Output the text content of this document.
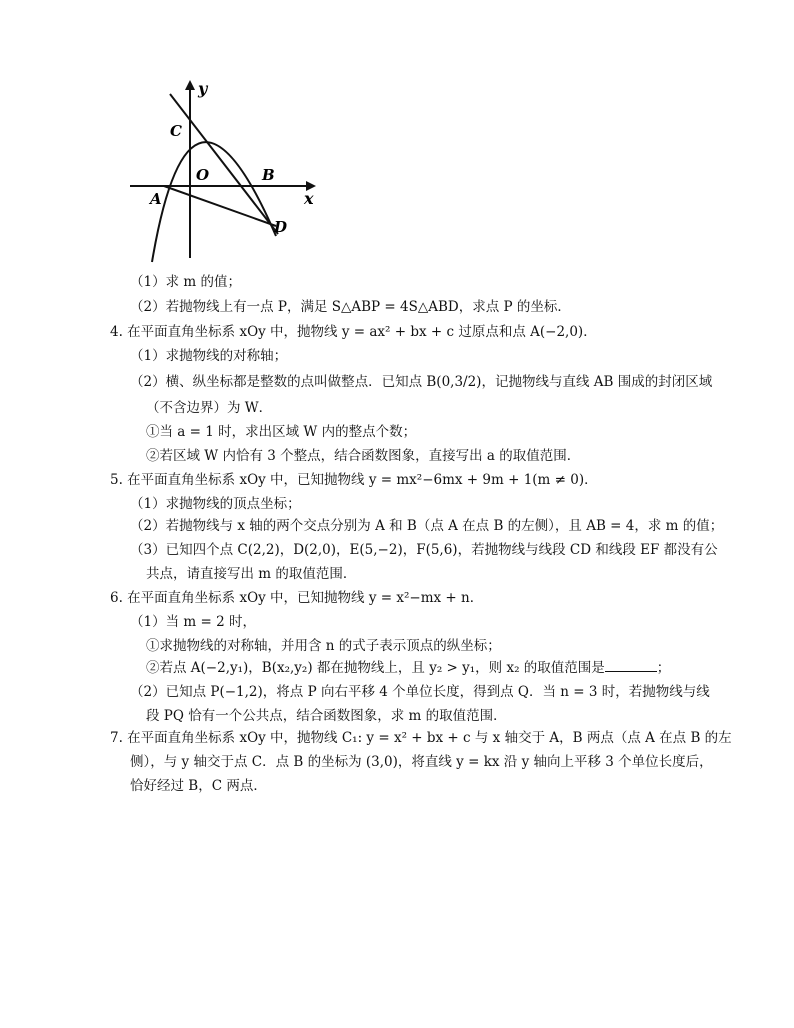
y
x
C
O	B
A
D
（1）求 m 的值；
（2）若抛物线上有一点 P，满足 S△ABP = 4S△ABD，求点 P 的坐标．
4. 在平面直角坐标系 xOy 中，抛物线 y = ax² + bx + c 过原点和点 A(−2,0)．
（1）求抛物线的对称轴；
（2）横、纵坐标都是整数的点叫做整点．已知点 B(0,3/2)，记抛物线与直线 AB 围成的封闭区域
（不含边界）为 W．
①当 a = 1 时，求出区域 W 内的整点个数；
②若区域 W 内恰有 3 个整点，结合函数图象，直接写出 a 的取值范围．
5. 在平面直角坐标系 xOy 中，已知抛物线 y = mx²−6mx + 9m + 1(m ≠ 0)．
（1）求抛物线的顶点坐标；
（2）若抛物线与 x 轴的两个交点分别为 A 和 B（点 A 在点 B 的左侧），且 AB = 4，求 m 的值；
（3）已知四个点 C(2,2)，D(2,0)，E(5,−2)，F(5,6)，若抛物线与线段 CD 和线段 EF 都没有公
共点，请直接写出 m 的取值范围．
6. 在平面直角坐标系 xOy 中，已知抛物线 y = x²−mx + n．
（1）当 m = 2 时，
①求抛物线的对称轴，并用含 n 的式子表示顶点的纵坐标；
②若点 A(−2,y₁)，B(x₂,y₂) 都在抛物线上，且 y₂ > y₁，则 x₂ 的取值范围是	；
（2）已知点 P(−1,2)，将点 P 向右平移 4 个单位长度，得到点 Q．当 n = 3 时，若抛物线与线
段 PQ 恰有一个公共点，结合函数图象，求 m 的取值范围．
7. 在平面直角坐标系 xOy 中，抛物线 C₁: y = x² + bx + c 与 x 轴交于 A，B 两点（点 A 在点 B 的左
侧），与 y 轴交于点 C．点 B 的坐标为 (3,0)，将直线 y = kx 沿 y 轴向上平移 3 个单位长度后，
恰好经过 B，C 两点．
